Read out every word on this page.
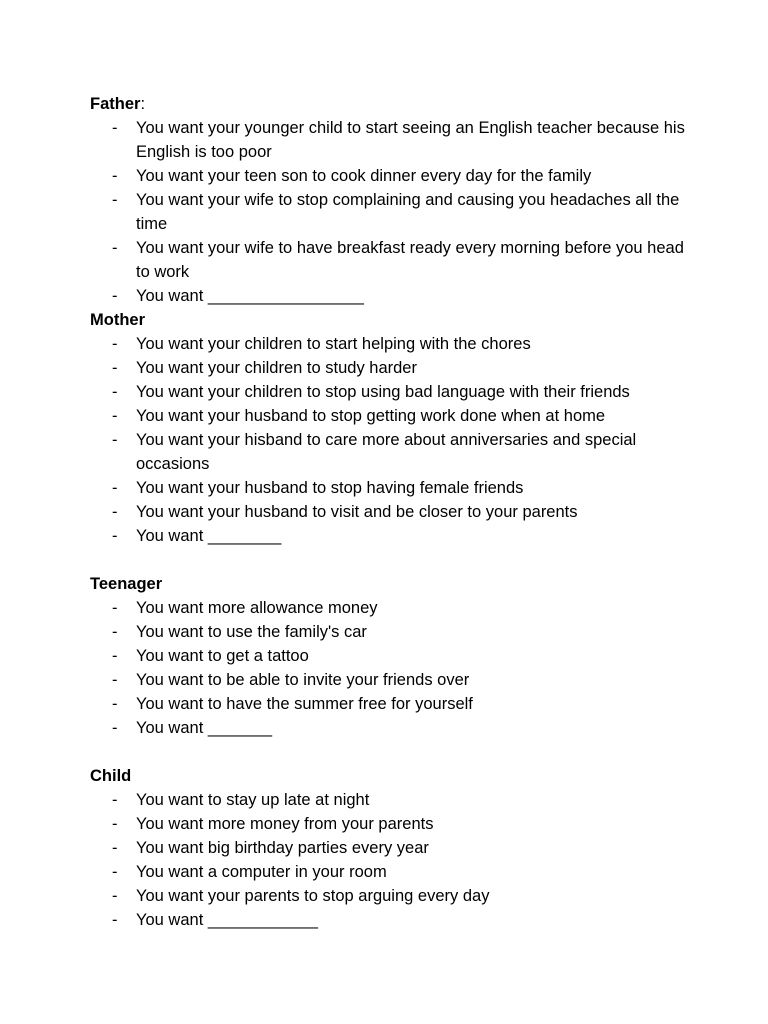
Father:
- You want your younger child to start seeing an English teacher because his English is too poor
- You want your teen son to cook dinner every day for the family
- You want your wife to stop complaining and causing you headaches all the time
- You want your wife to have breakfast ready every morning before you head to work
- You want _________________
Mother
- You want your children to start helping with the chores
- You want your children to study harder
- You want your children to stop using bad language with their friends
- You want your husband to stop getting work done when at home
- You want your hisband to care more about anniversaries and special occasions
- You want your husband to stop having female friends
- You want your husband to visit and be closer to your parents
- You want ________
Teenager
- You want more allowance money
- You want to use the family's car
- You want to get a tattoo
- You want to be able to invite your friends over
- You want to have the summer free for yourself
- You want _______
Child
- You want to stay up late at night
- You want more money from your parents
- You want big birthday parties every year
- You want a computer in your room
- You want your parents to stop arguing every day
- You want ____________
